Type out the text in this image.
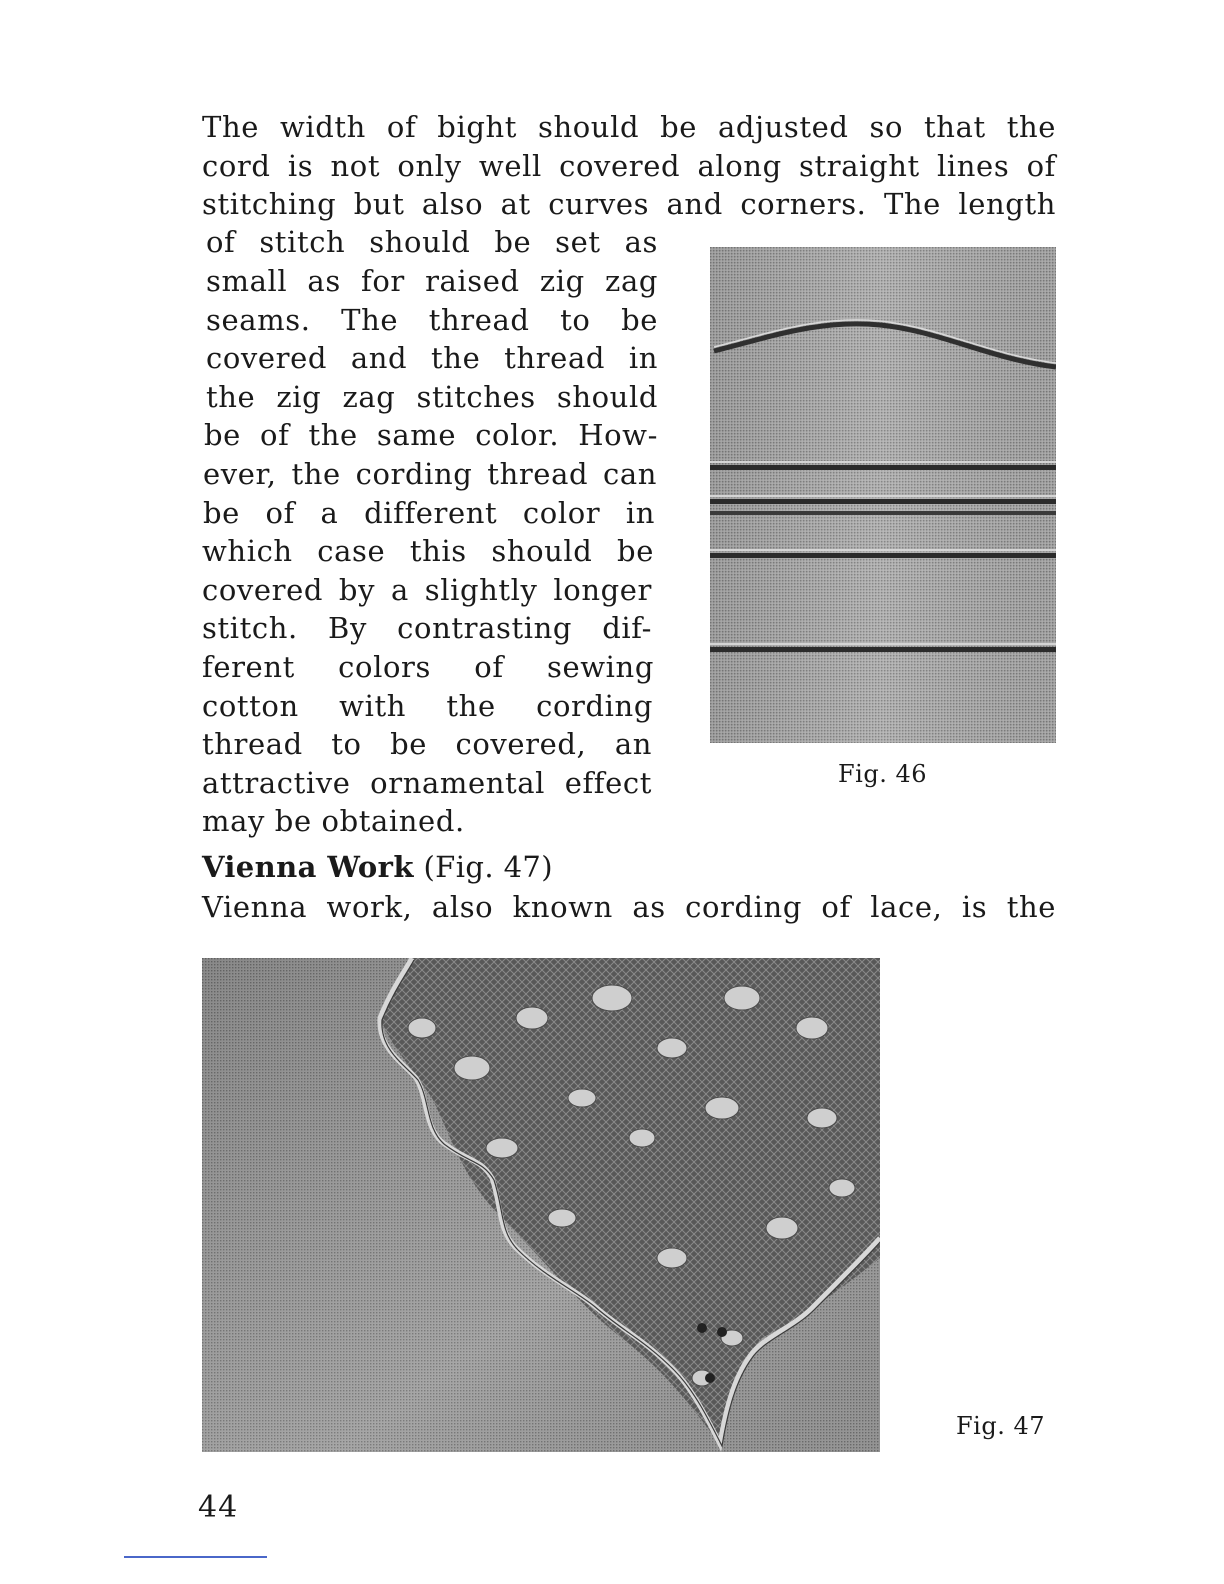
The width of bight should be adjusted so that the
cord is not only well covered along straight lines of
stitching but also at curves and corners. The length
of stitch should be set as
small as for raised zig zag
seams. The thread to be
covered and the thread in
the zig zag stitches should
be of the same color. How-
ever, the cording thread can
be of a different color in
which case this should be
covered by a slightly longer
stitch. By contrasting dif-
ferent colors of sewing
cotton with the cording
thread to be covered, an
attractive ornamental effect
may be obtained.
Fig. 46
Vienna Work (Fig. 47)
Vienna work, also known as cording of lace, is the
Fig. 47
44
